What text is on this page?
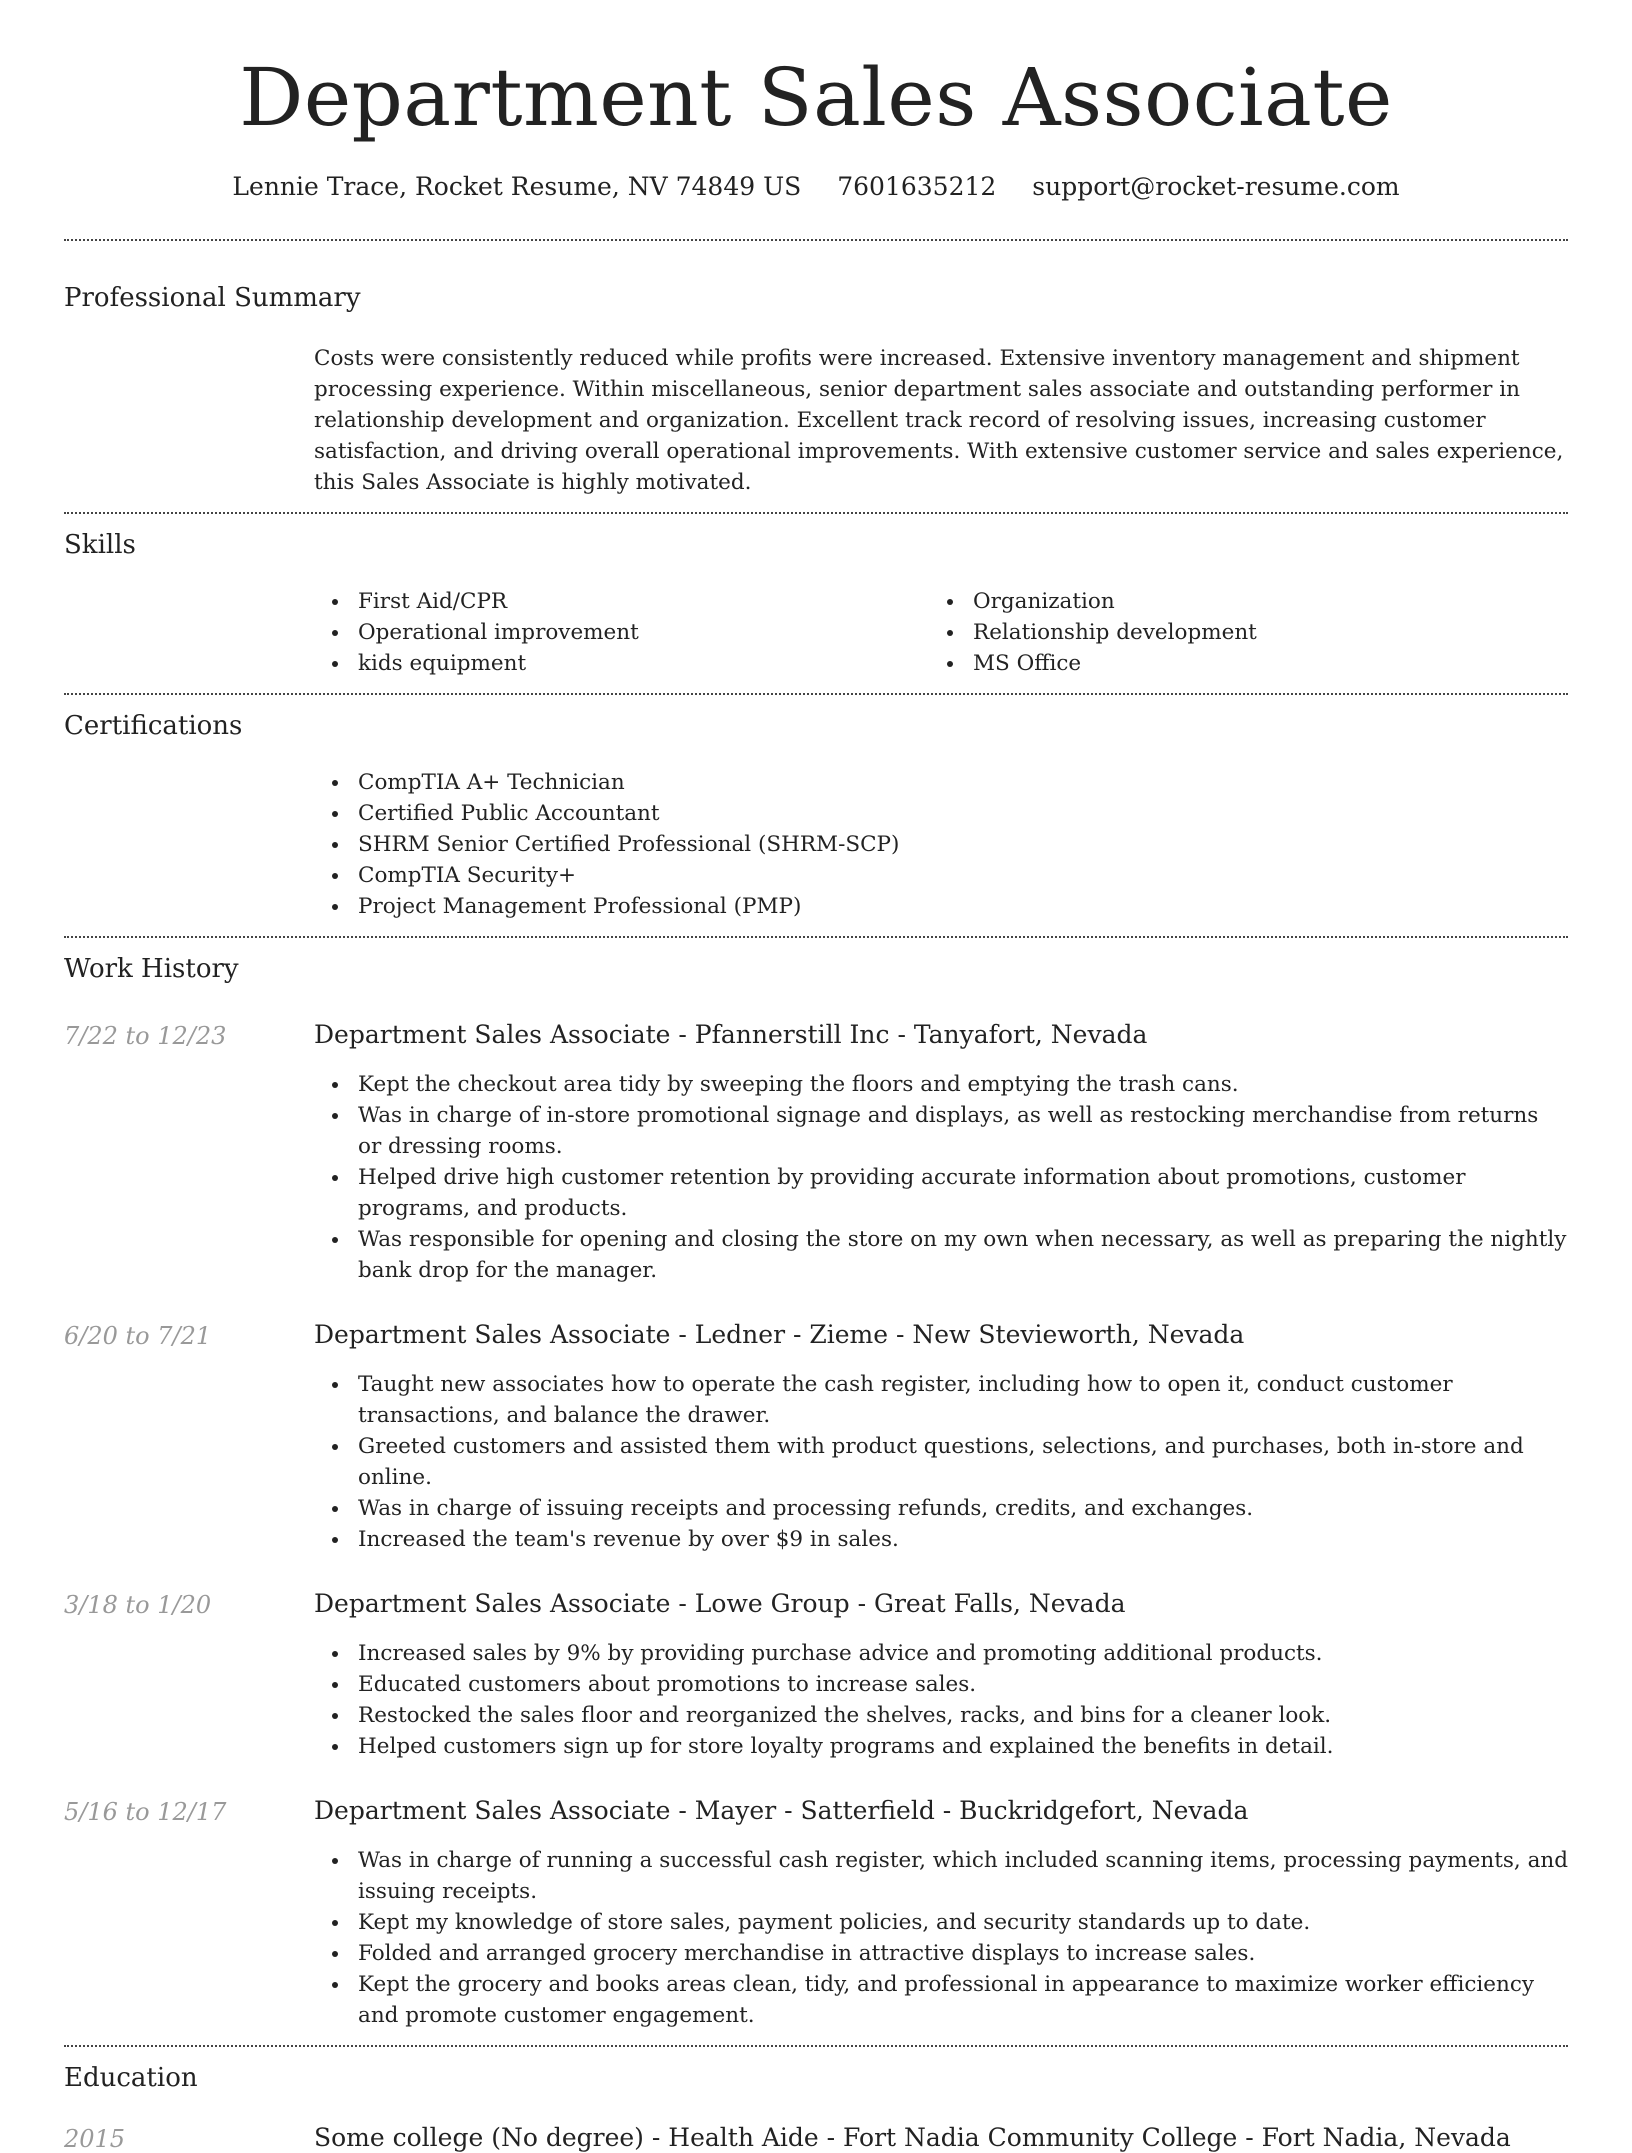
Department Sales Associate
Lennie Trace, Rocket Resume, NV 74849 US 7601635212 support@rocket-resume.com
Professional Summary
Costs were consistently reduced while profits were increased. Extensive inventory management and shipment processing experience. Within miscellaneous, senior department sales associate and outstanding performer in relationship development and organization. Excellent track record of resolving issues, increasing customer satisfaction, and driving overall operational improvements. With extensive customer service and sales experience, this Sales Associate is highly motivated.
Skills
First Aid/CPR
Operational improvement
kids equipment
Organization
Relationship development
MS Office
Certifications
CompTIA A+ Technician
Certified Public Accountant
SHRM Senior Certified Professional (SHRM-SCP)
CompTIA Security+
Project Management Professional (PMP)
Work History
7/22 to 12/23	Department Sales Associate - Pfannerstill Inc - Tanyafort, Nevada
Kept the checkout area tidy by sweeping the floors and emptying the trash cans.
Was in charge of in-store promotional signage and displays, as well as restocking merchandise from returns or dressing rooms.
Helped drive high customer retention by providing accurate information about promotions, customer programs, and products.
Was responsible for opening and closing the store on my own when necessary, as well as preparing the nightly bank drop for the manager.
6/20 to 7/21	Department Sales Associate - Ledner - Zieme - New Stevieworth, Nevada
Taught new associates how to operate the cash register, including how to open it, conduct customer transactions, and balance the drawer.
Greeted customers and assisted them with product questions, selections, and purchases, both in-store and online.
Was in charge of issuing receipts and processing refunds, credits, and exchanges.
Increased the team's revenue by over $9 in sales.
3/18 to 1/20	Department Sales Associate - Lowe Group - Great Falls, Nevada
Increased sales by 9% by providing purchase advice and promoting additional products.
Educated customers about promotions to increase sales.
Restocked the sales floor and reorganized the shelves, racks, and bins for a cleaner look.
Helped customers sign up for store loyalty programs and explained the benefits in detail.
5/16 to 12/17	Department Sales Associate - Mayer - Satterfield - Buckridgefort, Nevada
Was in charge of running a successful cash register, which included scanning items, processing payments, and issuing receipts.
Kept my knowledge of store sales, payment policies, and security standards up to date.
Folded and arranged grocery merchandise in attractive displays to increase sales.
Kept the grocery and books areas clean, tidy, and professional in appearance to maximize worker efficiency and promote customer engagement.
Education
2015	Some college (No degree) - Health Aide - Fort Nadia Community College - Fort Nadia, Nevada
